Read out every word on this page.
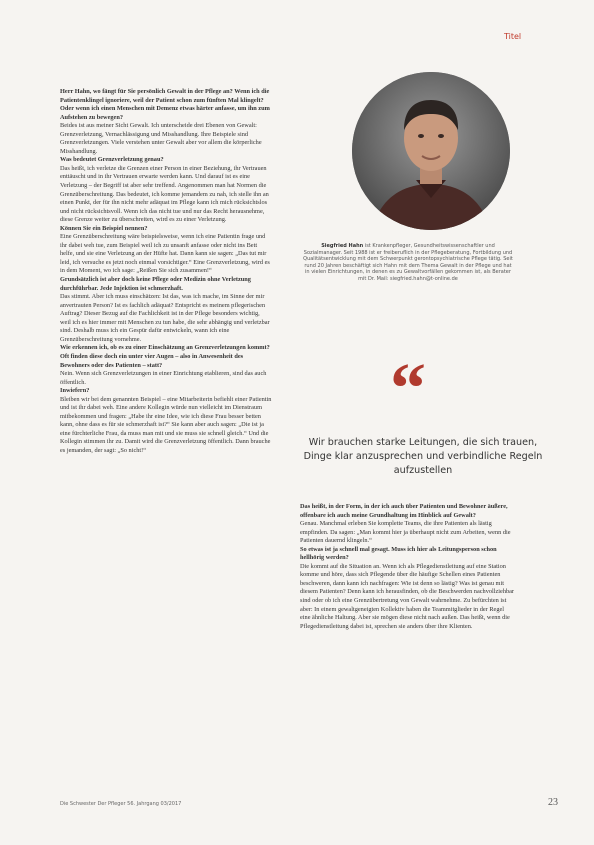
Titel

Herr Hahn, wo fängt für Sie persönlich Gewalt in der Pflege an? Wenn ich die Patientenklingel ignoriere, weil der Patient schon zum fünften Mal klingelt? Oder wenn ich einen Menschen mit Demenz etwas härter anfasse, um ihn zum Aufstehen zu bewegen?

Beides ist aus meiner Sicht Gewalt. Ich unterscheide drei Ebenen von Gewalt: Grenzverletzung, Vernachlässigung und Misshandlung. Ihre Beispiele sind Grenzverletzungen. Viele verstehen unter Gewalt aber vor allem die körperliche Misshandlung.

Was bedeutet Grenzverletzung genau?

Das heißt, ich verletze die Grenzen einer Person in einer Beziehung, ihr Vertrauen enttäuscht und in ihr Vertrauen erwarte werden kann. Und darauf ist es eine Verletzung – der Begriff ist aber sehr treffend. Angenommen man hat Normen die Grenzüberschreitung. Das bedeutet, ich komme jemandem zu nah, ich stelle ihn an einen Punkt, der für ihn nicht mehr adäquat im Pflege kann ich mich rücksichtslos und nicht rücksichtsvoll. Wenn ich das nicht tue und nur das Recht herausnehme, diese Grenze weiter zu überschreiten, wird es zu einer Verletzung.

Können Sie ein Beispiel nennen?

Eine Grenzüberschreitung wäre beispielsweise, wenn ich eine Patientin frage und ihr dabei weh tue, zum Beispiel weil ich zu unsanft anfasse oder nicht ins Bett helfe, und sie eine Verletzung an der Hüfte hat. Dann kann sie sagen: „Das tut mir leid, ich versuche es jetzt noch einmal vorsichtiger.“ Eine Grenzverletzung, wird es in dem Moment, wo ich sage: „Reißen Sie sich zusammen!“

Grundsätzlich ist aber doch keine Pflege oder Medizin ohne Verletzung durchführbar. Jede Injektion ist schmerzhaft.

Das stimmt. Aber ich muss einschätzen: Ist das, was ich mache, im Sinne der mir anvertrauten Person? Ist es fachlich adäquat? Entspricht es meinem pflegerischen Auftrag? Dieser Bezug auf die Fachlichkeit ist in der Pflege besonders wichtig, weil ich es hier immer mit Menschen zu tun habe, die sehr abhängig und verletzbar sind. Deshalb muss ich ein Gespür dafür entwickeln, wann ich eine Grenzüberschreitung vornehme.

Wie erkennen ich, ob es zu einer Einschätzung an Grenzverletzungen kommt? Oft finden diese doch ein unter vier Augen – also in Anwesenheit des Bewohners oder des Patienten – statt?

Nein. Wenn sich Grenzverletzungen in einer Einrichtung etablieren, sind das auch öffentlich.

Inwiefern?

Bleiben wir bei dem genannten Beispiel – eine Mitarbeiterin befiehlt einer Patientin und ist ihr dabei weh. Eine andere Kollegin würde nun vielleicht im Dienstraum mitbekommen und fragen: „Habe ihr eine Idee, wie ich diese Frau besser betten kann, ohne dass es für sie schmerzhaft ist?“ Sie kann aber auch sagen: „Die ist ja eine fürchterliche Frau, da muss man mit und sie muss sie schnell gleich.“ Und die Kollegin stimmen ihr zu. Damit wird die Grenzverletzung öffentlich. Dann brauche es jemanden, der sagt: „So nicht!“

Siegfried Hahn ist Krankenpfleger, Gesundheitswissenschaftler und Sozialmanager. Seit 1988 ist er freiberuflich in der Pflegeberatung, Fortbildung und Qualitätsentwicklung mit dem Schwerpunkt gerontopsychiatrische Pflege tätig. Seit rund 20 Jahren beschäftigt sich Hahn mit dem Thema Gewalt in der Pflege und hat in vielen Einrichtungen, in denen es zu Gewaltvorfällen gekommen ist, als Berater mit Dr. Mail: siegfried.hahn@t-online.de
“
Wir brauchen starke Leitungen, die sich trauen, Dinge klar anzusprechen und verbindliche Regeln aufzustellen

Das heißt, in der Form, in der ich auch über Patienten und Bewohner äußere, offenbare ich auch meine Grundhaltung im Hinblick auf Gewalt?

Genau. Manchmal erleben Sie komplette Teams, die ihre Patienten als lästig empfinden. Da sagen: „Man kommt hier ja überhaupt nicht zum Arbeiten, wenn die Patienten dauernd klingeln.“

So etwas ist ja schnell mal gesagt. Muss ich hier als Leitungsperson schon hellhörig werden?

Die kommt auf die Situation an. Wenn ich als Pflegedienstleitung auf eine Station komme und höre, dass sich Pflegende über die häufige Schellen eines Patienten beschweren, dann kann ich nachfragen: Wie ist denn so lästig? Was ist genau mit diesem Patienten? Denn kann ich herausfinden, ob die Beschwerden nachvollziehbar sind oder ob ich eine Grenzübertretung von Gewalt wahrnehme. Zu befürchten ist aber: In einem gewaltgeneigten Kollektiv haben die Teammitglieder in der Regel eine ähnliche Haltung. Aber sie mögen diese nicht nach außen. Das heißt, wenn die Pflegedienstleitung dabei ist, sprechen sie anders über ihre Klienten.

Die Schwester Der Pfleger 56. Jahrgang 03/2017	23
